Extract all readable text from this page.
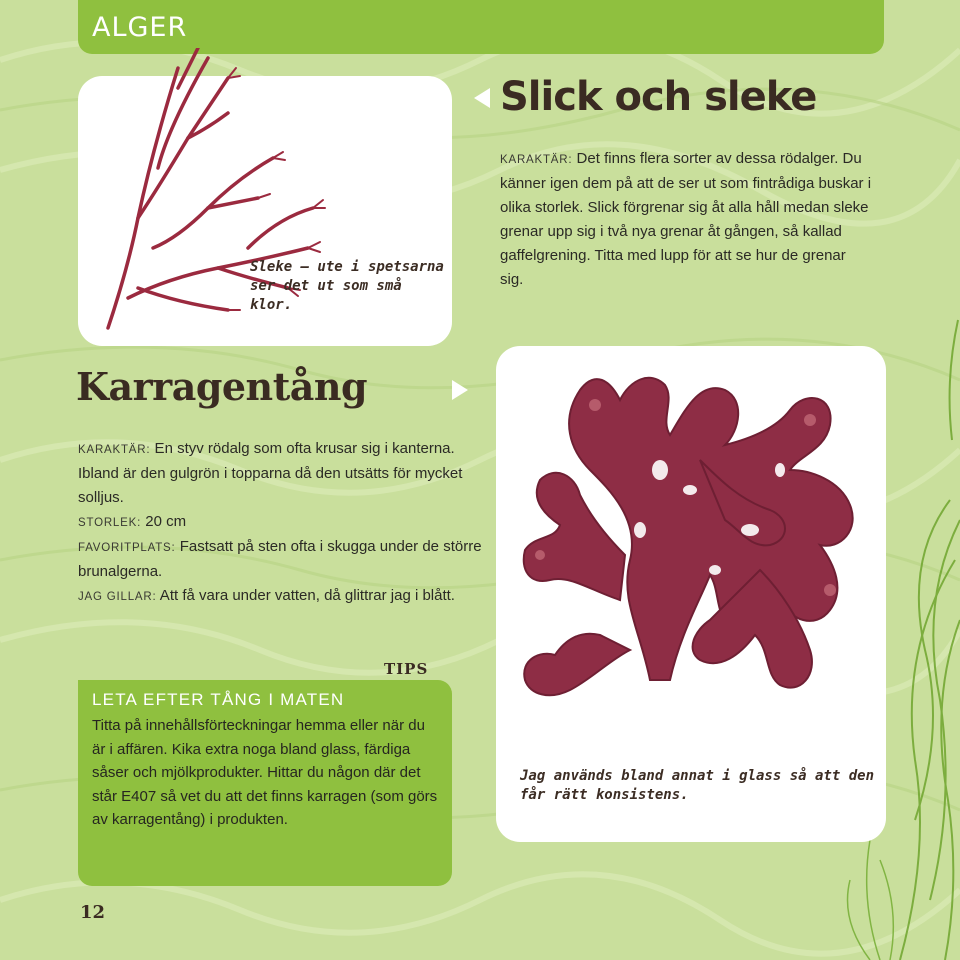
ALGER
Sleke – ute i spetsarna ser det ut som små klor.
Slick och sleke
KARAKTÄR: Det finns flera sorter av dessa rödalger. Du känner igen dem på att de ser ut som fintrådiga buskar i olika storlek. Slick förgrenar sig åt alla håll medan sleke grenar upp sig i två nya grenar åt gången, så kallad gaffelgrening. Titta med lupp för att se hur de grenar sig.
Karragentång

KARAKTÄR: En styv rödalg som ofta krusar sig i kanterna. Ibland är den gulgrön i topparna då den utsätts för mycket solljus.

STORLEK: 20 cm

FAVORITPLATS: Fastsatt på sten ofta i skugga under de större brunalgerna.

JAG GILLAR: Att få vara under vatten, då glittrar jag i blått.

Jag används bland annat i glass så att den får rätt konsistens.
TIPS
LETA EFTER TÅNG I MATEN
Titta på innehållsförteckningar hemma eller när du är i affären. Kika extra noga bland glass, färdiga såser och mjölkprodukter. Hittar du någon där det står E407 så vet du att det finns karragen (som görs av karragentång) i produkten.
12
